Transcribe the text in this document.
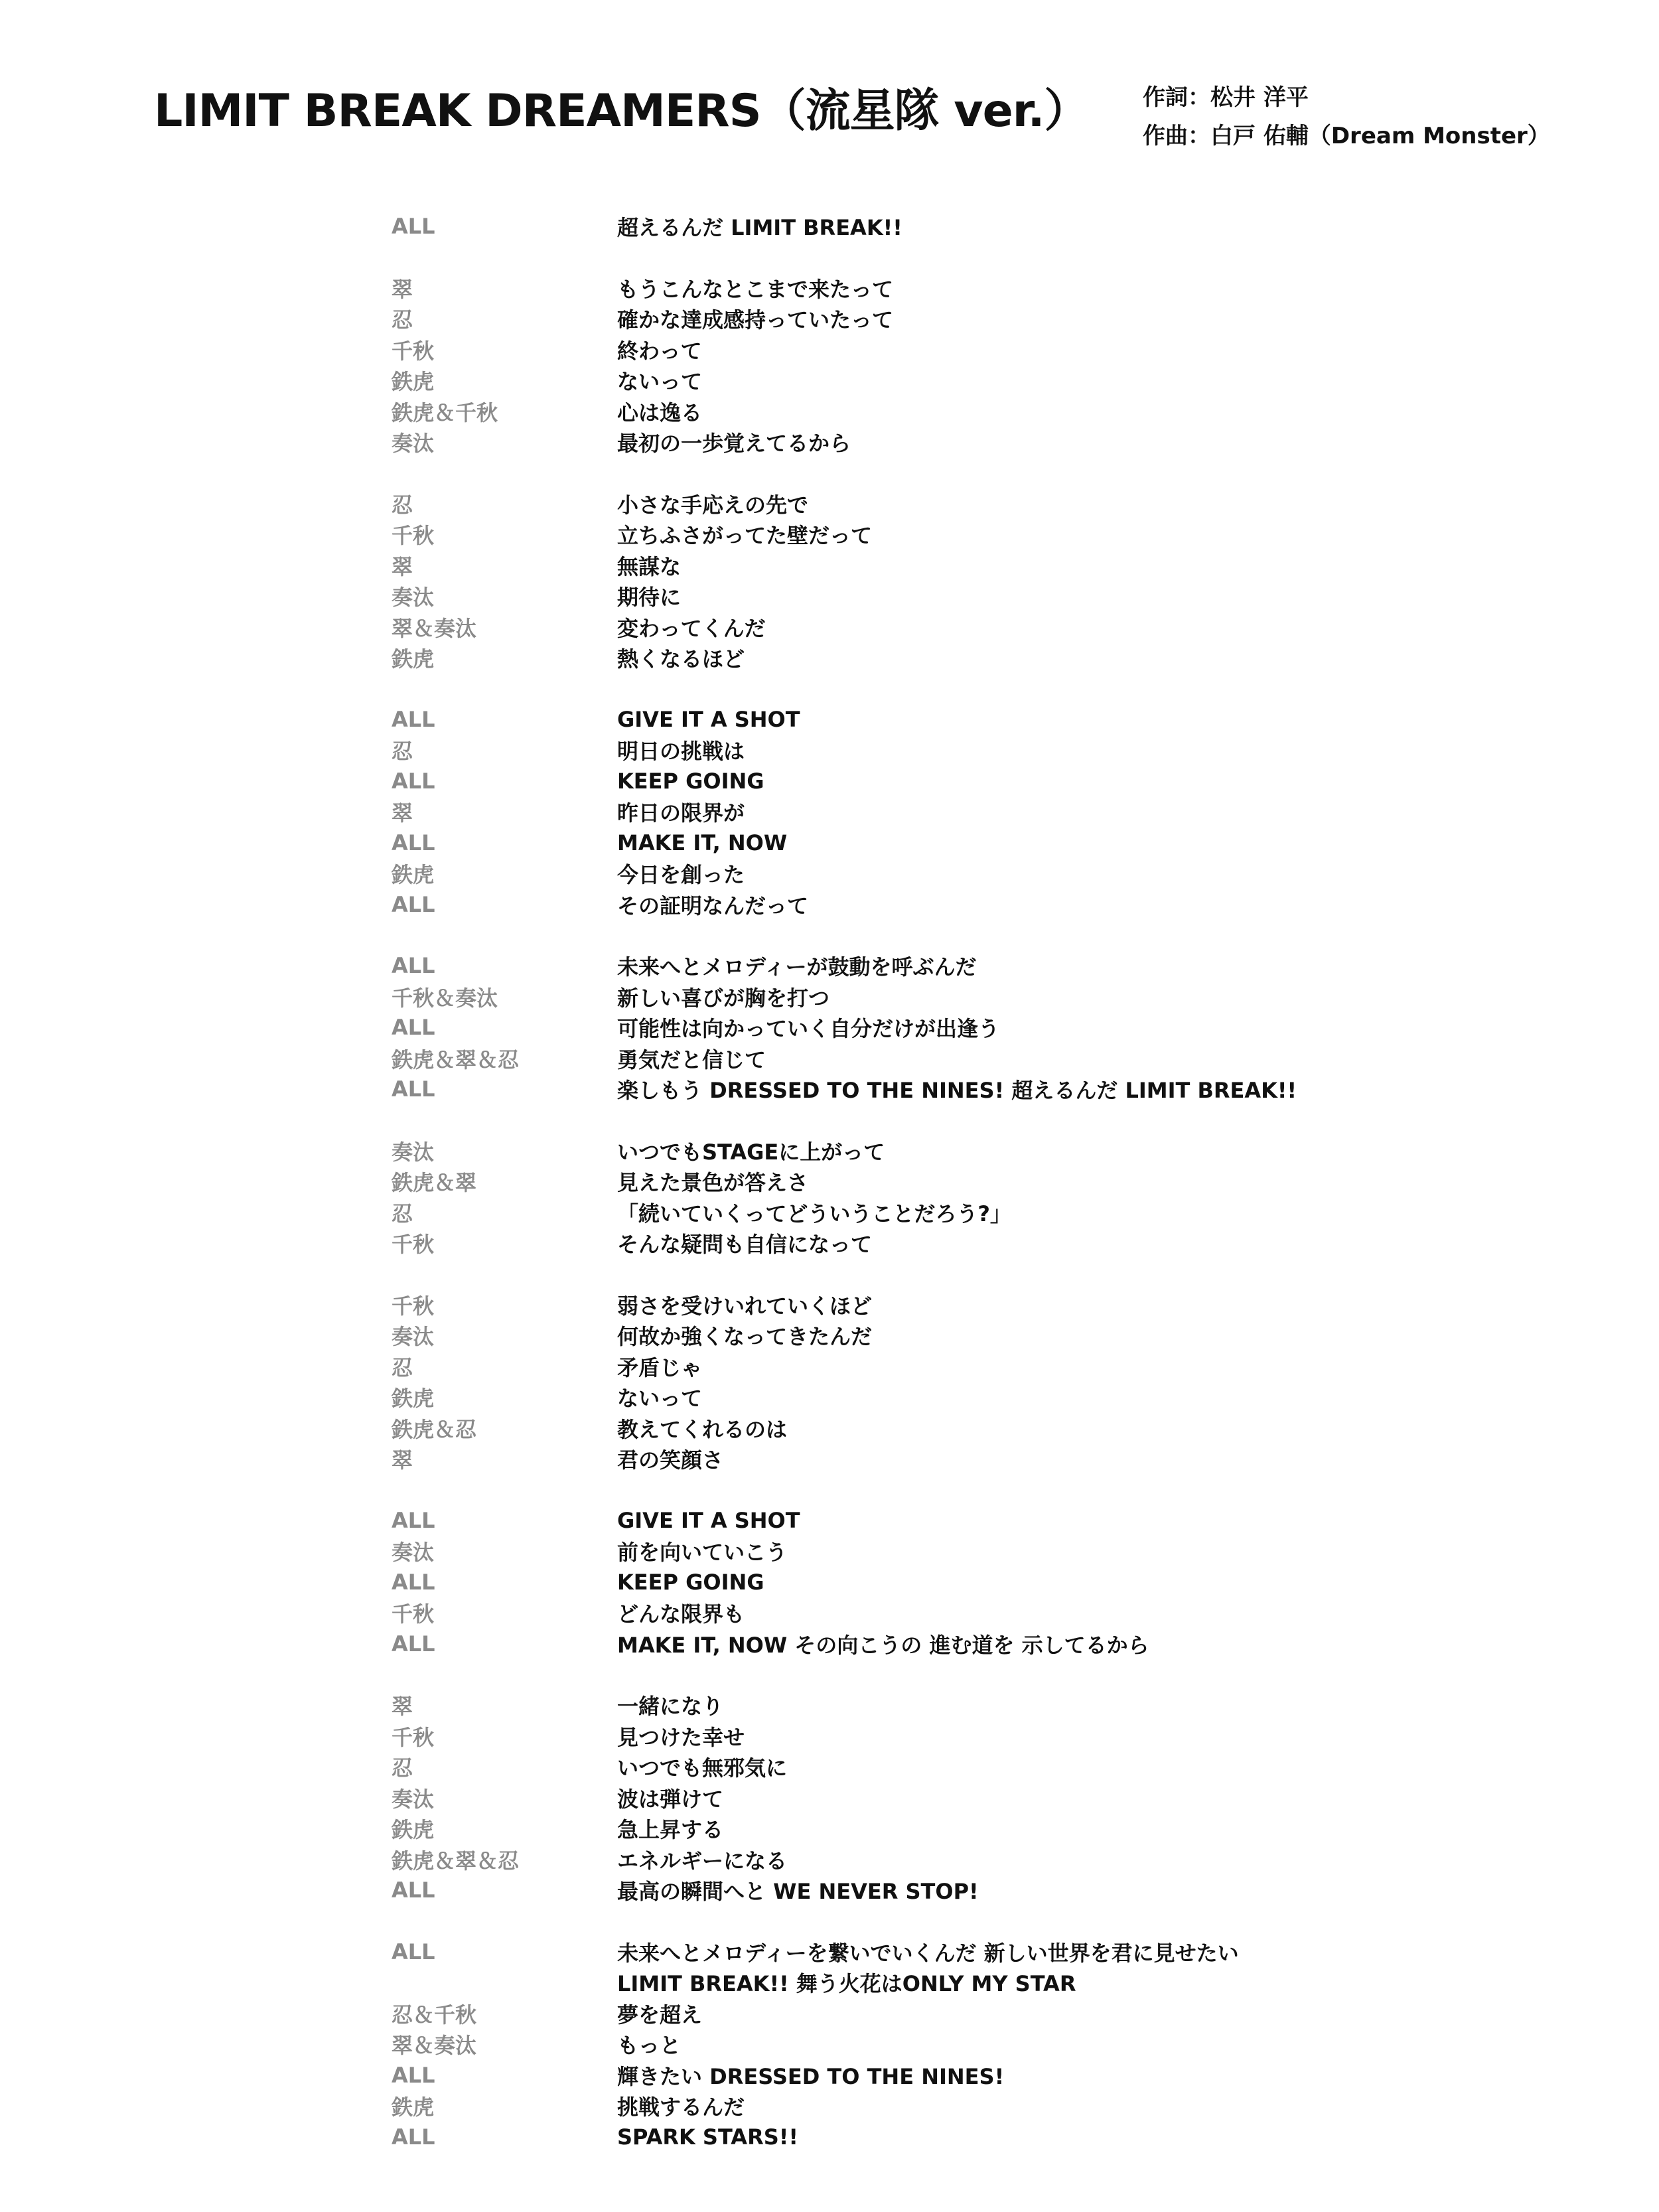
LIMIT BREAK DREAMERS（流星隊 ver.） 作詞：松井 洋平
作曲：白戸 佑輔（Dream Monster）
ALL	超えるんだ LIMIT BREAK!!
翠	もうこんなとこまで来たって
忍	確かな達成感持っていたって
千秋	終わって
鉄虎	ないって
鉄虎＆千秋	心は逸る
奏汰	最初の一歩覚えてるから
忍	小さな手応えの先で
千秋	立ちふさがってた壁だって
翠	無謀な
奏汰	期待に
翠＆奏汰	変わってくんだ
鉄虎	熱くなるほど
ALL	GIVE IT A SHOT
忍	明日の挑戦は
ALL	KEEP GOING
翠	昨日の限界が
ALL	MAKE IT, NOW
鉄虎	今日を創った
ALL	その証明なんだって
ALL	未来へとメロディーが鼓動を呼ぶんだ
千秋＆奏汰	新しい喜びが胸を打つ
ALL	可能性は向かっていく自分だけが出逢う
鉄虎＆翠＆忍	勇気だと信じて
ALL	楽しもう DRESSED TO THE NINES! 超えるんだ LIMIT BREAK!!
奏汰	いつでもSTAGEに上がって
鉄虎＆翠	見えた景色が答えさ
忍	「続いていくってどういうことだろう?」
千秋	そんな疑問も自信になって
千秋	弱さを受けいれていくほど
奏汰	何故か強くなってきたんだ
忍	矛盾じゃ
鉄虎	ないって
鉄虎＆忍	教えてくれるのは
翠	君の笑顔さ
ALL	GIVE IT A SHOT
奏汰	前を向いていこう
ALL	KEEP GOING
千秋	どんな限界も
ALL	MAKE IT, NOW その向こうの 進む道を 示してるから
翠	一緒になり
千秋	見つけた幸せ
忍	いつでも無邪気に
奏汰	波は弾けて
鉄虎	急上昇する
鉄虎＆翠＆忍	エネルギーになる
ALL	最高の瞬間へと WE NEVER STOP!
ALL	未来へとメロディーを繋いでいくんだ 新しい世界を君に見せたい
LIMIT BREAK!! 舞う火花はONLY MY STAR
忍＆千秋	夢を超え
翠＆奏汰	もっと
ALL	輝きたい DRESSED TO THE NINES!
鉄虎	挑戦するんだ
ALL	SPARK STARS!!
